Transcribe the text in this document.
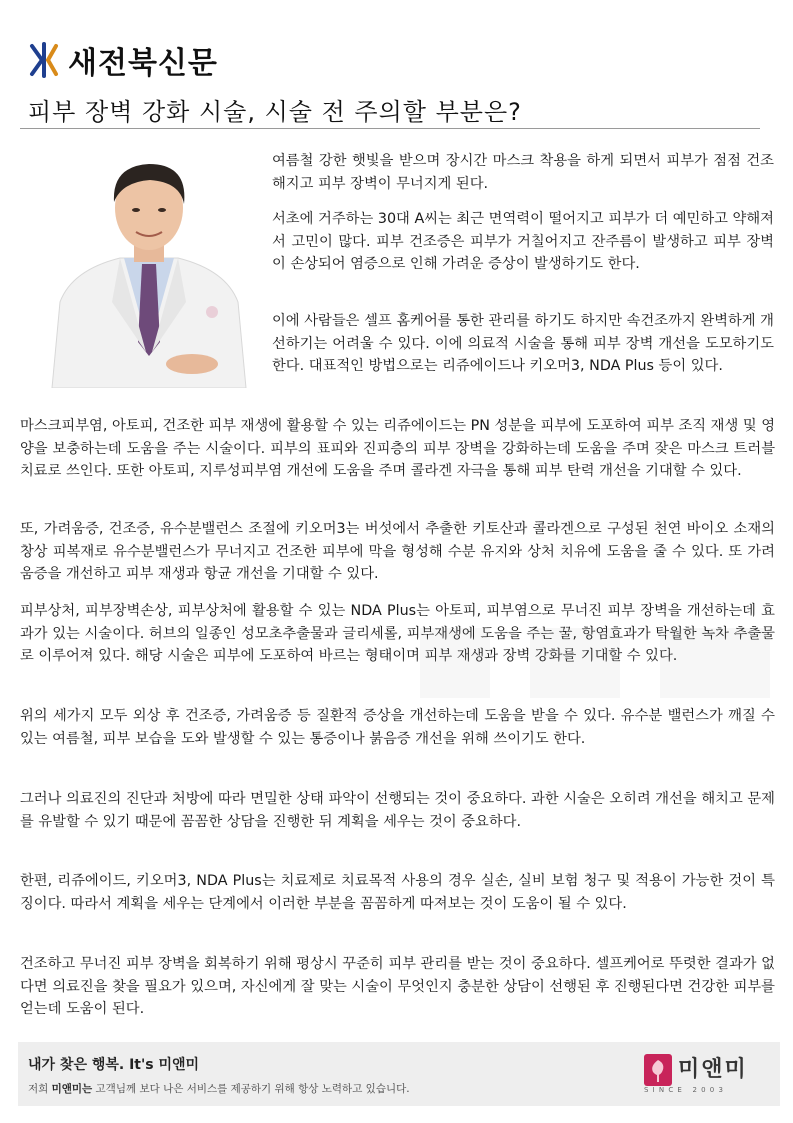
새전북신문
피부 장벽 강화 시술, 시술 전 주의할 부분은?

여름철 강한 햇빛을 받으며 장시간 마스크 착용을 하게 되면서 피부가 점점 건조해지고 피부 장벽이 무너지게 된다.

서초에 거주하는 30대 A씨는 최근 면역력이 떨어지고 피부가 더 예민하고 약해져서 고민이 많다. 피부 건조증은 피부가 거칠어지고 잔주름이 발생하고 피부 장벽이 손상되어 염증으로 인해 가려운 증상이 발생하기도 한다.

이에 사람들은 셀프 홈케어를 통한 관리를 하기도 하지만 속건조까지 완벽하게 개선하기는 어려울 수 있다. 이에 의료적 시술을 통해 피부 장벽 개선을 도모하기도 한다. 대표적인 방법으로는 리쥬에이드나 키오머3, NDA Plus 등이 있다.

마스크피부염, 아토피, 건조한 피부 재생에 활용할 수 있는 리쥬에이드는 PN 성분을 피부에 도포하여 피부 조직 재생 및 영양을 보충하는데 도움을 주는 시술이다. 피부의 표피와 진피층의 피부 장벽을 강화하는데 도움을 주며 잦은 마스크 트러블 치료로 쓰인다. 또한 아토피, 지루성피부염 개선에 도움을 주며 콜라겐 자극을 통해 피부 탄력 개선을 기대할 수 있다.

또, 가려움증, 건조증, 유수분밸런스 조절에 키오머3는 버섯에서 추출한 키토산과 콜라겐으로 구성된 천연 바이오 소재의 창상 피복재로 유수분밸런스가 무너지고 건조한 피부에 막을 형성해 수분 유지와 상처 치유에 도움을 줄 수 있다. 또 가려움증을 개선하고 피부 재생과 항균 개선을 기대할 수 있다.

피부상처, 피부장벽손상, 피부상처에 활용할 수 있는 NDA Plus는 아토피, 피부염으로 무너진 피부 장벽을 개선하는데 효과가 있는 시술이다. 허브의 일종인 성모초추출물과 글리세롤, 피부재생에 도움을 주는 꿀, 항염효과가 탁월한 녹차 추출물로 이루어져 있다. 해당 시술은 피부에 도포하여 바르는 형태이며 피부 재생과 장벽 강화를 기대할 수 있다.

위의 세가지 모두 외상 후 건조증, 가려움증 등 질환적 증상을 개선하는데 도움을 받을 수 있다. 유수분 밸런스가 깨질 수 있는 여름철, 피부 보습을 도와 발생할 수 있는 통증이나 붉음증 개선을 위해 쓰이기도 한다.

그러나 의료진의 진단과 처방에 따라 면밀한 상태 파악이 선행되는 것이 중요하다. 과한 시술은 오히려 개선을 해치고 문제를 유발할 수 있기 때문에 꼼꼼한 상담을 진행한 뒤 계획을 세우는 것이 중요하다.

한편, 리쥬에이드, 키오머3, NDA Plus는 치료제로 치료목적 사용의 경우 실손, 실비 보험 청구 및 적용이 가능한 것이 특징이다. 따라서 계획을 세우는 단계에서 이러한 부분을 꼼꼼하게 따져보는 것이 도움이 될 수 있다.

건조하고 무너진 피부 장벽을 회복하기 위해 평상시 꾸준히 피부 관리를 받는 것이 중요하다. 셀프케어로 뚜렷한 결과가 없다면 의료진을 찾을 필요가 있으며, 자신에게 잘 맞는 시술이 무엇인지 충분한 상담이 선행된 후 진행된다면 건강한 피부를 얻는데 도움이 된다.

내가 찾은 행복. It's 미앤미

저희 미앤미는 고객님께 보다 나은 서비스를 제공하기 위해 항상 노력하고 있습니다.

미앤미

SINCE 2003
